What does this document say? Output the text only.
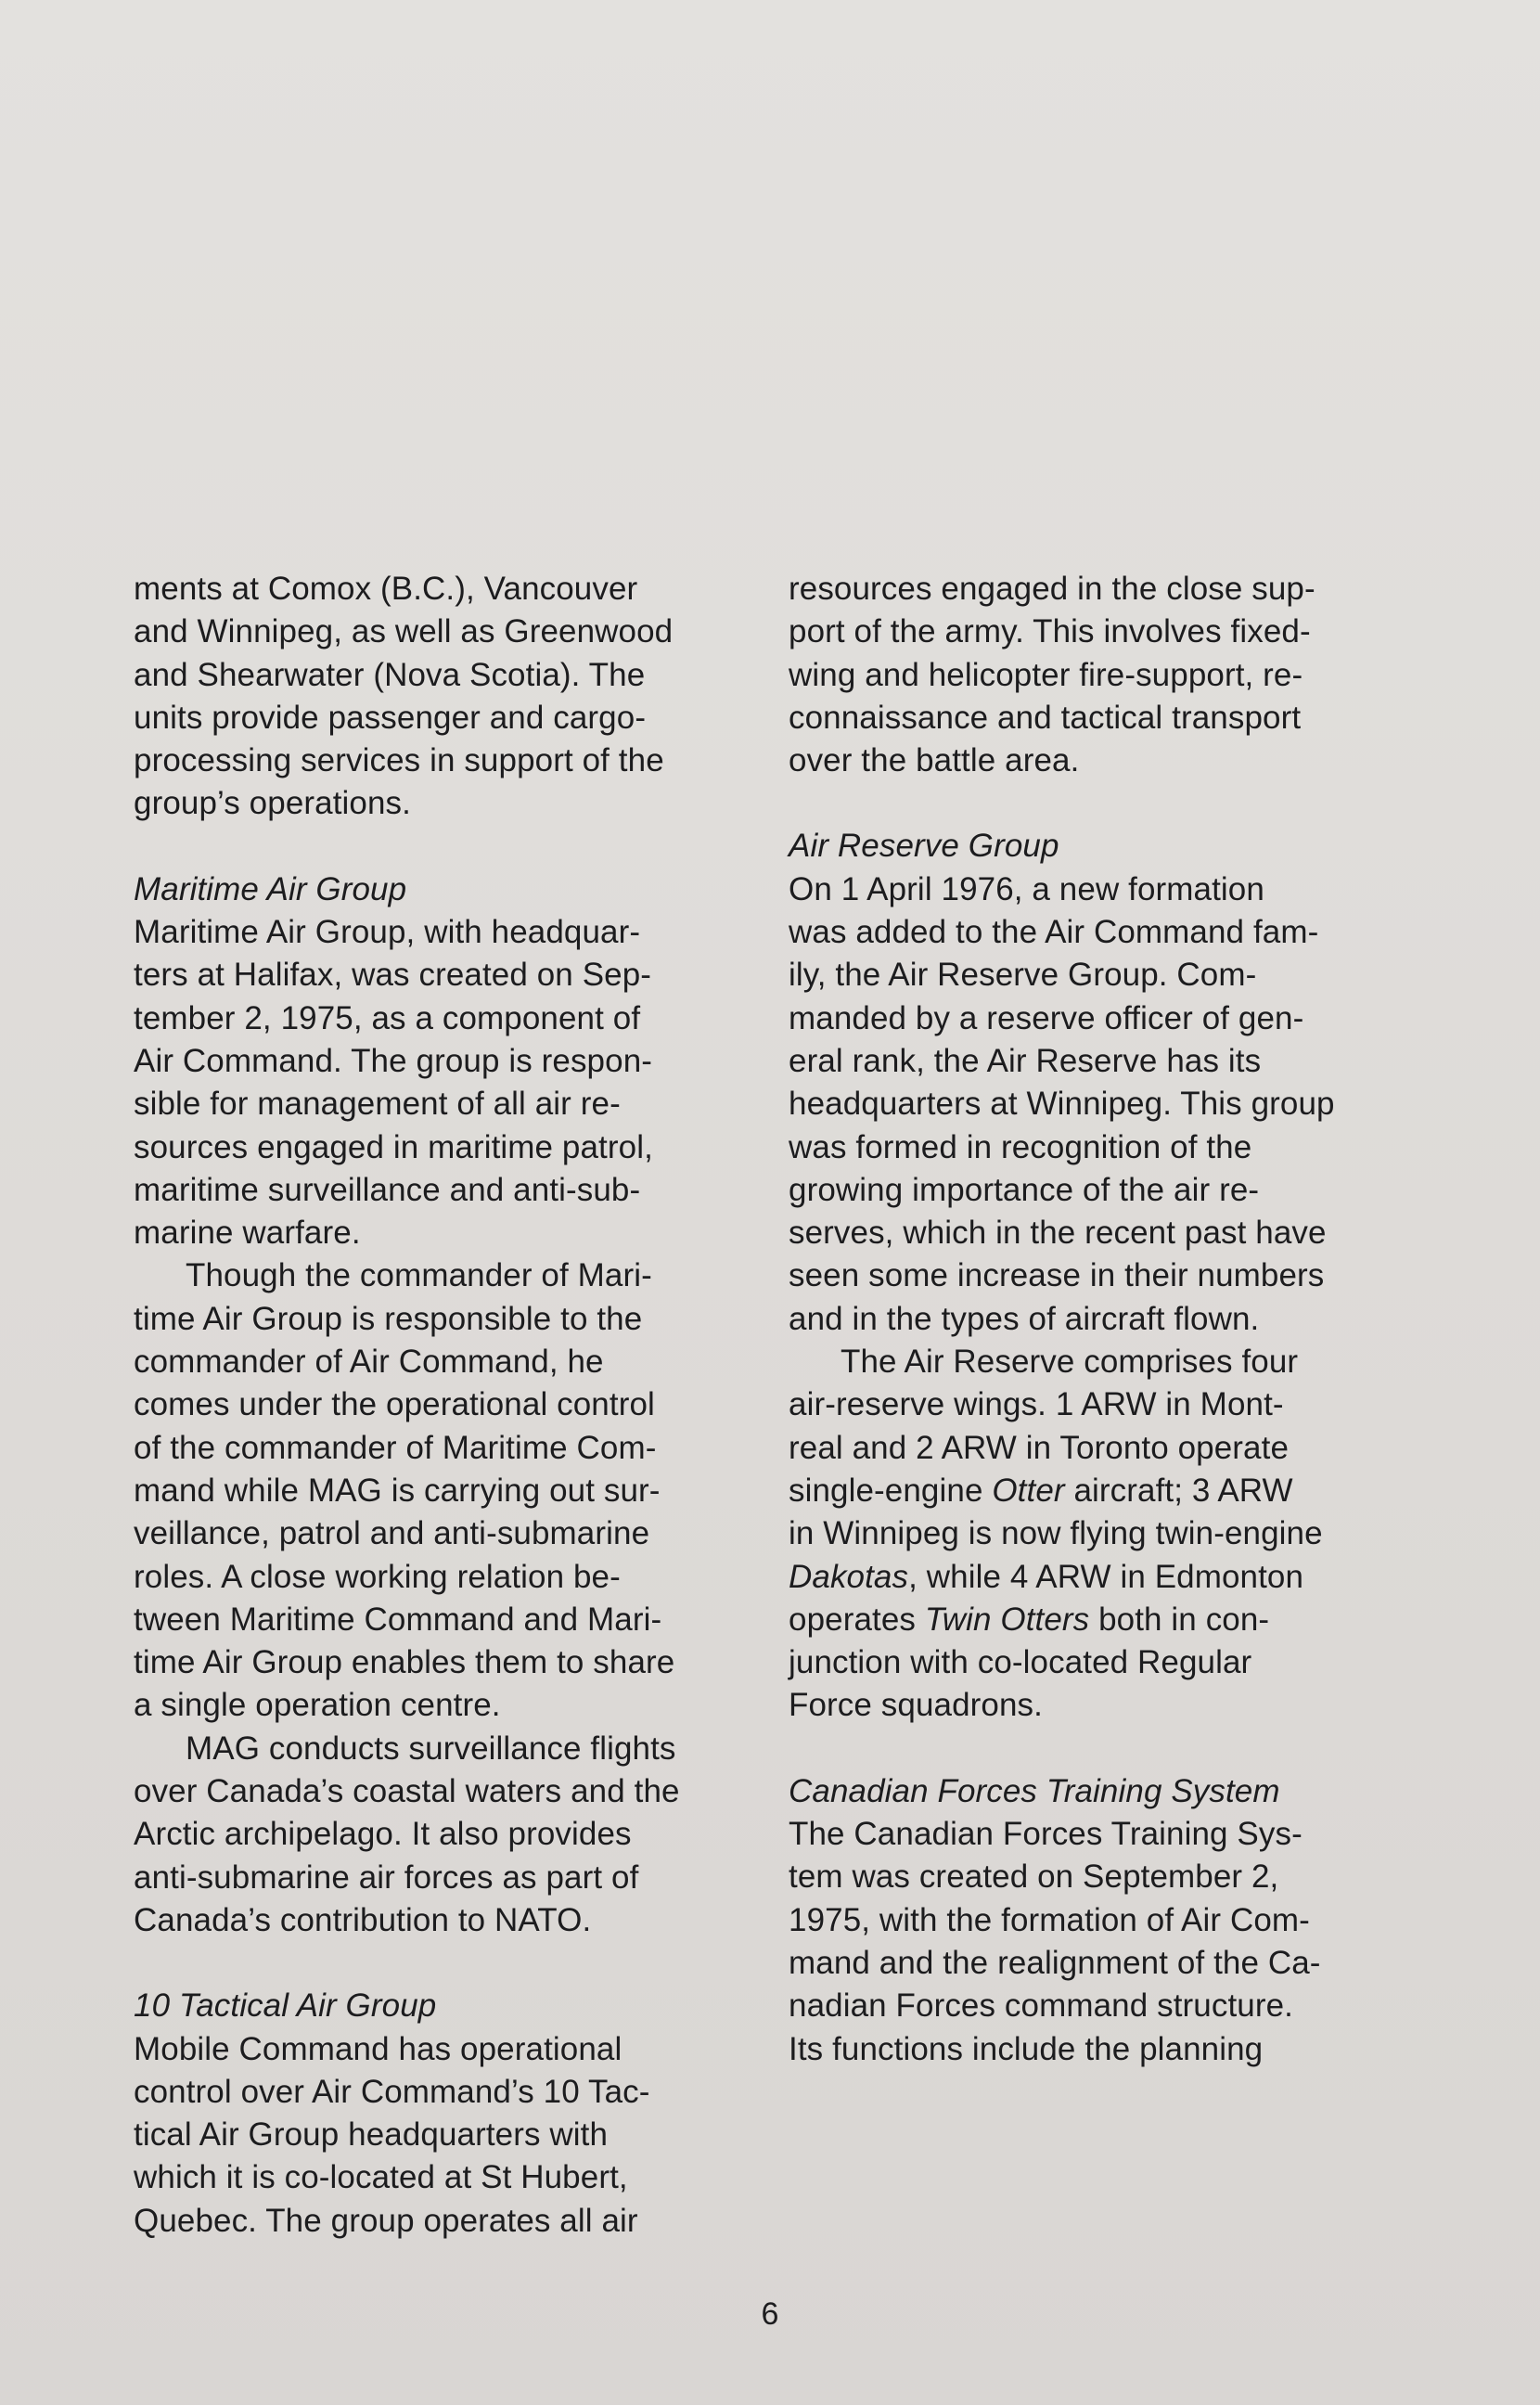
ments at Comox (B.C.), Vancouver
and Winnipeg, as well as Greenwood
and Shearwater (Nova Scotia). The
units provide passenger and cargo-
processing services in support of the
group’s operations.
Maritime Air Group
Maritime Air Group, with headquar-
ters at Halifax, was created on Sep-
tember 2, 1975, as a component of
Air Command. The group is respon-
sible for management of all air re-
sources engaged in maritime patrol,
maritime surveillance and anti-sub-
marine warfare.
Though the commander of Mari-
time Air Group is responsible to the
commander of Air Command, he
comes under the operational control
of the commander of Maritime Com-
mand while MAG is carrying out sur-
veillance, patrol and anti-submarine
roles. A close working relation be-
tween Maritime Command and Mari-
time Air Group enables them to share
a single operation centre.
MAG conducts surveillance flights
over Canada’s coastal waters and the
Arctic archipelago. It also provides
anti-submarine air forces as part of
Canada’s contribution to NATO.
10 Tactical Air Group
Mobile Command has operational
control over Air Command’s 10 Tac-
tical Air Group headquarters with
which it is co-located at St Hubert,
Quebec. The group operates all air
resources engaged in the close sup-
port of the army. This involves fixed-
wing and helicopter fire-support, re-
connaissance and tactical transport
over the battle area.
Air Reserve Group
On 1 April 1976, a new formation
was added to the Air Command fam-
ily, the Air Reserve Group. Com-
manded by a reserve officer of gen-
eral rank, the Air Reserve has its
headquarters at Winnipeg. This group
was formed in recognition of the
growing importance of the air re-
serves, which in the recent past have
seen some increase in their numbers
and in the types of aircraft flown.
The Air Reserve comprises four
air-reserve wings. 1 ARW in Mont-
real and 2 ARW in Toronto operate
single-engine Otter aircraft; 3 ARW
in Winnipeg is now flying twin-engine
Dakotas, while 4 ARW in Edmonton
operates Twin Otters both in con-
junction with co-located Regular
Force squadrons.
Canadian Forces Training System
The Canadian Forces Training Sys-
tem was created on September 2,
1975, with the formation of Air Com-
mand and the realignment of the Ca-
nadian Forces command structure.
Its functions include the planning
6
